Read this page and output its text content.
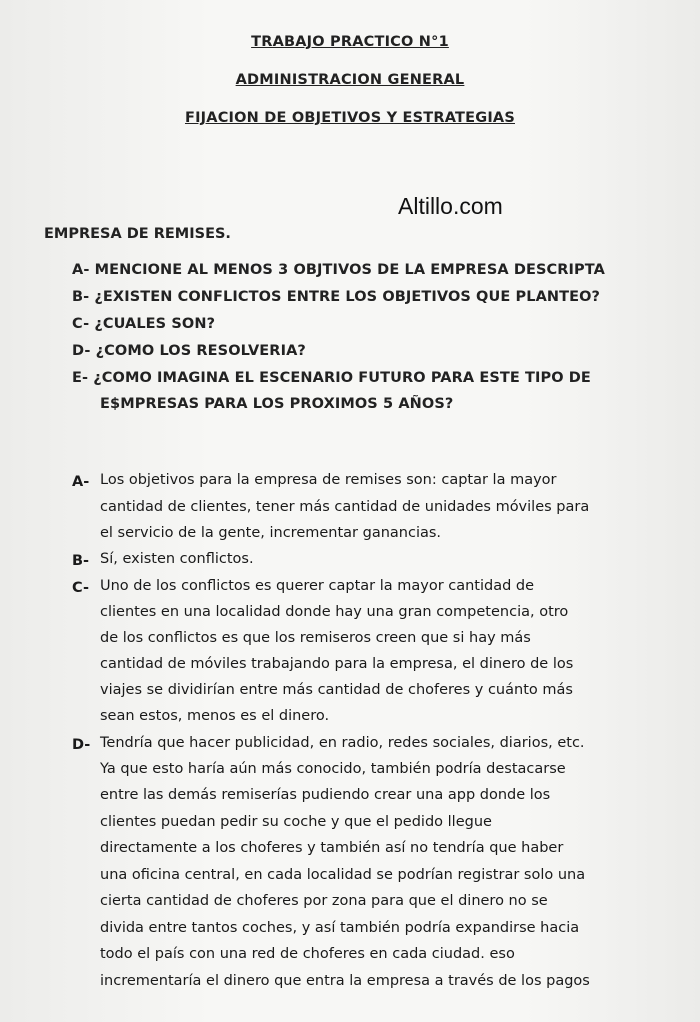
TRABAJO PRACTICO N°1
ADMINISTRACION GENERAL
FIJACION DE OBJETIVOS Y ESTRATEGIAS
Altillo.com
EMPRESA DE REMISES.
A- MENCIONE AL MENOS 3 OBJTIVOS DE LA EMPRESA DESCRIPTA
B- ¿EXISTEN CONFLICTOS ENTRE LOS OBJETIVOS QUE PLANTEO?
C- ¿CUALES SON?
D- ¿COMO LOS RESOLVERIA?
E- ¿COMO IMAGINA EL ESCENARIO FUTURO PARA ESTE TIPO DE
E$MPRESAS PARA LOS PROXIMOS 5 AÑOS?
A- Los objetivos para la empresa de remises son: captar la mayor
cantidad de clientes, tener más cantidad de unidades móviles para
el servicio de la gente, incrementar ganancias.
B- Sí, existen conflictos.
C- Uno de los conflictos es querer captar la mayor cantidad de
clientes en una localidad donde hay una gran competencia, otro
de los conflictos es que los remiseros creen que si hay más
cantidad de móviles trabajando para la empresa, el dinero de los
viajes se dividirían entre más cantidad de choferes y cuánto más
sean estos, menos es el dinero.
D- Tendría que hacer publicidad, en radio, redes sociales, diarios, etc.
Ya que esto haría aún más conocido, también podría destacarse
entre las demás remiserías pudiendo crear una app donde los
clientes puedan pedir su coche y que el pedido llegue
directamente a los choferes y también así no tendría que haber
una oficina central, en cada localidad se podrían registrar solo una
cierta cantidad de choferes por zona para que el dinero no se
divida entre tantos coches, y así también podría expandirse hacia
todo el país con una red de choferes en cada ciudad. eso
incrementaría el dinero que entra la empresa a través de los pagos
